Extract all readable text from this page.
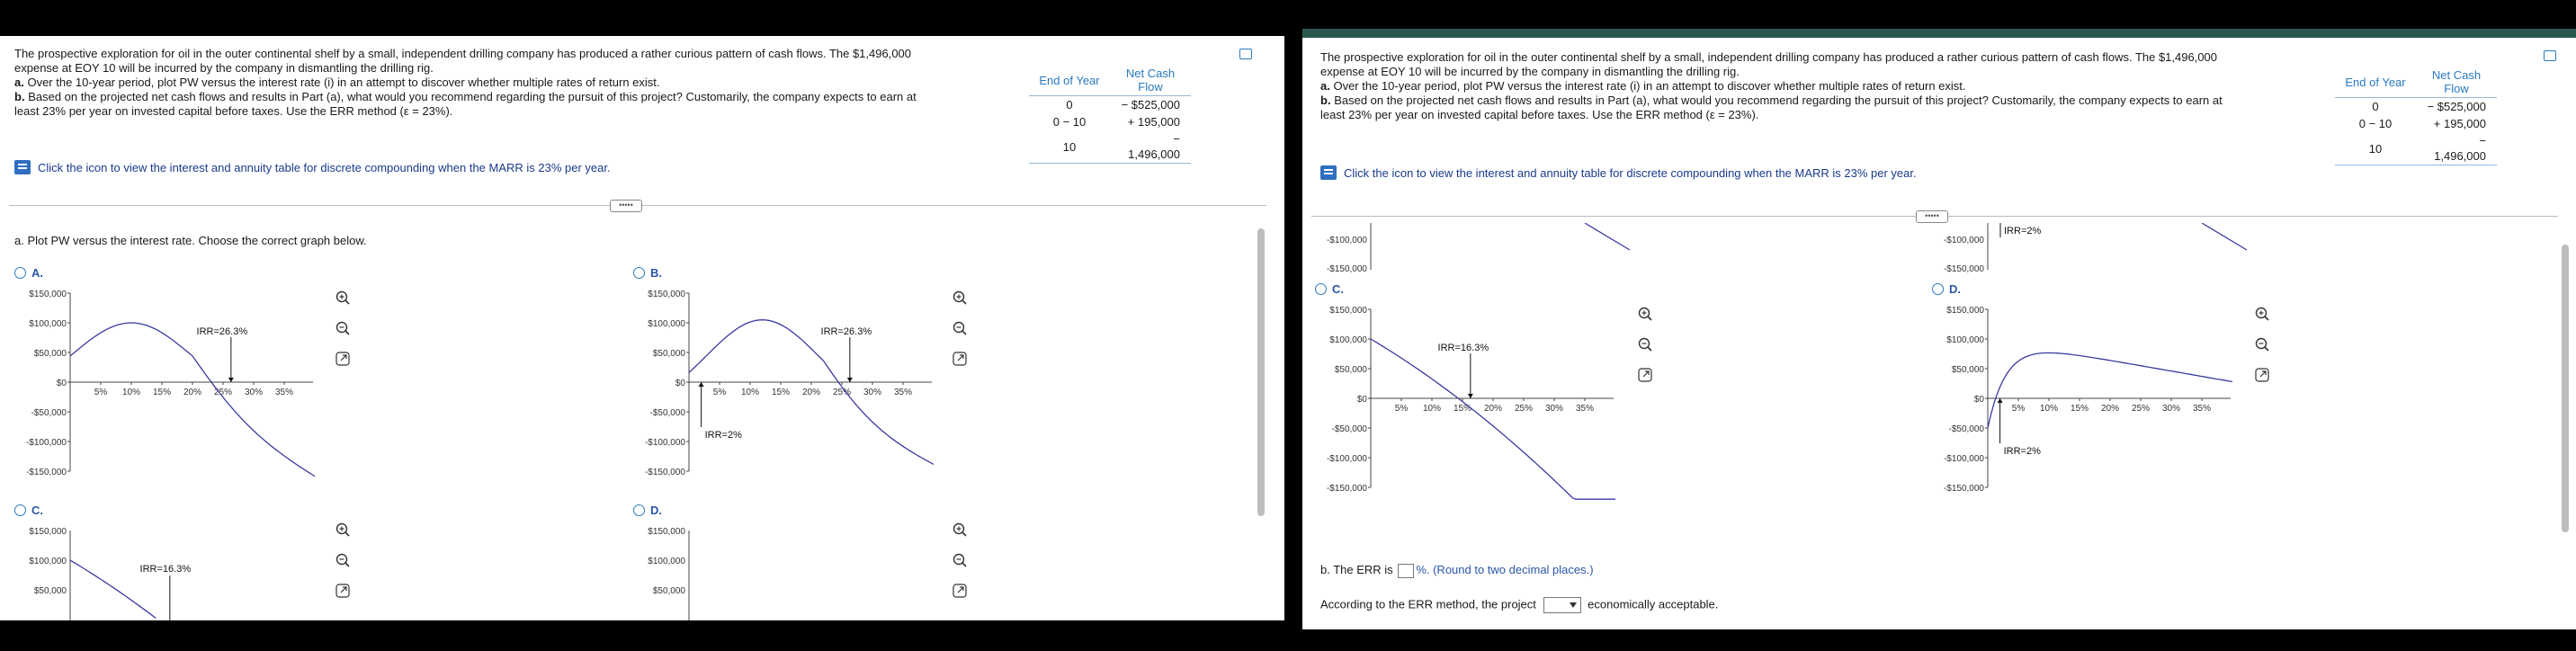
The prospective exploration for oil in the outer continental shelf by a small, independent drilling company has produced a rather curious pattern of cash flows. The $1,496,000 expense at EOY 10 will be incurred by the company in dismantling the drilling rig.
a. Over the 10-year period, plot PW versus the interest rate (i) in an attempt to discover whether multiple rates of return exist.
b. Based on the projected net cash flows and results in Part (a), what would you recommend regarding the pursuit of this project? Customarily, the company expects to earn at least 23% per year on invested capital before taxes. Use the ERR method (ε = 23%).
End of Year	Net Cash Flow
0	− $525,000
0 − 10	+ 195,000
10	− 1,496,000
Click the icon to view the interest and annuity table for discrete compounding when the MARR is 23% per year.
•••••
a. Plot PW versus the interest rate. Choose the correct graph below.
A.
$150,000
$100,000
$50,000
$0
-$50,000
-$100,000
-$150,000
5% 10% 15% 20% 25% 30% 35%
IRR=26.3%
B.
$150,000
$100,000
$50,000
$0
-$50,000
-$100,000
-$150,000
5% 10% 15% 20% 25% 30% 35%
IRR=26.3%
IRR=2%
C.
$150,000
$100,000
$50,000
IRR=16.3%
D.
$150,000
$100,000
$50,000
The prospective exploration for oil in the outer continental shelf by a small, independent drilling company has produced a rather curious pattern of cash flows. The $1,496,000 expense at EOY 10 will be incurred by the company in dismantling the drilling rig.
a. Over the 10-year period, plot PW versus the interest rate (i) in an attempt to discover whether multiple rates of return exist.
b. Based on the projected net cash flows and results in Part (a), what would you recommend regarding the pursuit of this project? Customarily, the company expects to earn at least 23% per year on invested capital before taxes. Use the ERR method (ε = 23%).
End of Year	Net Cash Flow
0	− $525,000
0 − 10	+ 195,000
10	− 1,496,000
Click the icon to view the interest and annuity table for discrete compounding when the MARR is 23% per year.
•••••
-$100,000
-$150,000
-$100,000
-$150,000
IRR=2%
C.
$150,000
$100,000
$50,000
$0
-$50,000
-$100,000
-$150,000
5% 10% 15% 20% 25% 30% 35%
IRR=16.3%
D.
$150,000
$100,000
$50,000
$0
-$50,000
-$100,000
-$150,000
5% 10% 15% 20% 25% 30% 35%
IRR=2%
b. The ERR is %. (Round to two decimal places.)
According to the ERR method, the project	economically acceptable.
